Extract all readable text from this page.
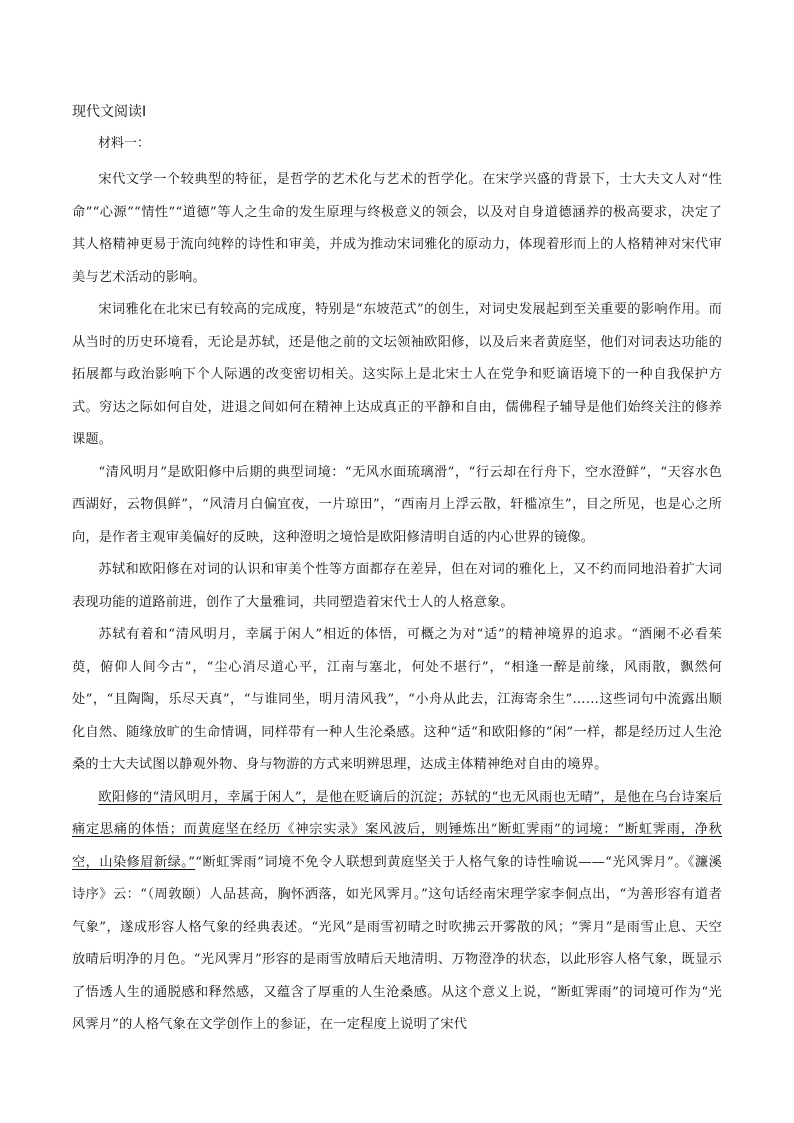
现代文阅读Ⅰ
材料一：

宋代文学一个较典型的特征，是哲学的艺术化与艺术的哲学化。在宋学兴盛的背景下，士大夫文人对“性命”“心源”“情性”“道德”等人之生命的发生原理与终极意义的领会，以及对自身道德涵养的极高要求，决定了其人格精神更易于流向纯粹的诗性和审美，并成为推动宋词雅化的原动力，体现着形而上的人格精神对宋代审美与艺术活动的影响。

宋词雅化在北宋已有较高的完成度，特别是“东坡范式”的创生，对词史发展起到至关重要的影响作用。而从当时的历史环境看，无论是苏轼，还是他之前的文坛领袖欧阳修，以及后来者黄庭坚，他们对词表达功能的拓展都与政治影响下个人际遇的改变密切相关。这实际上是北宋士人在党争和贬谪语境下的一种自我保护方式。穷达之际如何自处，进退之间如何在精神上达成真正的平静和自由，儒佛程子辅导是他们始终关注的修养课题。

“清风明月”是欧阳修中后期的典型词境：“无风水面琉璃滑”，“行云却在行舟下，空水澄鲜”，“天容水色西湖好，云物俱鲜”，“风清月白偏宜夜，一片琼田”，“西南月上浮云散，轩槛凉生”，目之所见，也是心之所向，是作者主观审美偏好的反映，这种澄明之境恰是欧阳修清明自适的内心世界的镜像。

苏轼和欧阳修在对词的认识和审美个性等方面都存在差异，但在对词的雅化上，又不约而同地沿着扩大词表现功能的道路前进，创作了大量雅词，共同塑造着宋代士人的人格意象。

苏轼有着和“清风明月，幸属于闲人”相近的体悟，可概之为对“适”的精神境界的追求。“酒阑不必看茱萸，俯仰人间今古”，“尘心消尽道心平，江南与塞北，何处不堪行”，“相逢一醉是前缘，风雨散，飘然何处”，“且陶陶，乐尽天真”，“与谁同坐，明月清风我”，“小舟从此去，江海寄余生”……这些词句中流露出顺化自然、随缘放旷的生命情调，同样带有一种人生沦桑感。这种“适”和欧阳修的“闲”一样，都是经历过人生沧桑的士大夫试图以静观外物、身与物游的方式来明辨思理，达成主体精神绝对自由的境界。

欧阳修的“清风明月，幸属于闲人”，是他在贬谪后的沉淀；苏轼的“也无风雨也无晴”，是他在乌台诗案后痛定思痛的体悟；而黄庭坚在经历《神宗实录》案风波后，则锤炼出“断虹霁雨”的词境：“断虹霁雨，净秋空，山染修眉新绿。”“断虹霁雨”词境不免令人联想到黄庭坚关于人格气象的诗性喻说——“光风霁月”。《濂溪诗序》云：“（周敦颐）人品甚高，胸怀洒落，如光风霁月。”这句话经南宋理学家李侗点出，“为善形容有道者气象”，遂成形容人格气象的经典表述。“光风”是雨雪初晴之时吹拂云开雾散的风；“霁月”是雨雪止息、天空放晴后明净的月色。“光风霁月”形容的是雨雪放晴后天地清明、万物澄净的状态，以此形容人格气象，既显示了悟透人生的通脱感和释然感，又蕴含了厚重的人生沧桑感。从这个意义上说，“断虹霁雨”的词境可作为“光风霁月”的人格气象在文学创作上的参证，在一定程度上说明了宋代
